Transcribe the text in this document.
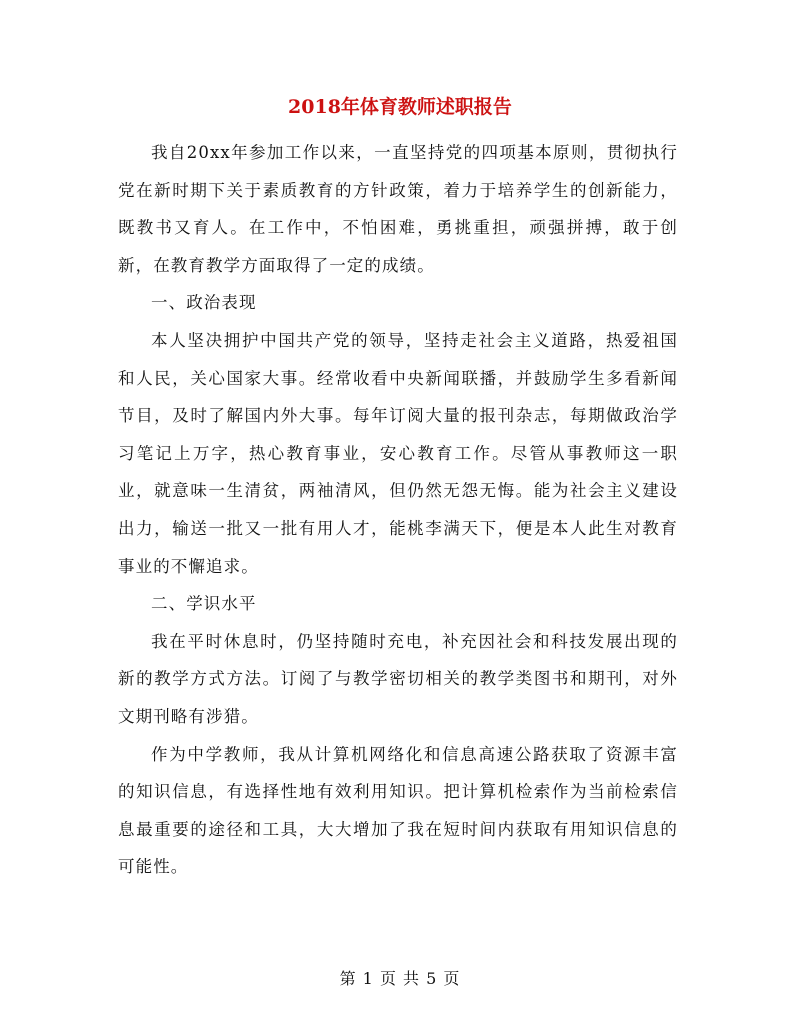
2018年体育教师述职报告

我自20xx年参加工作以来，一直坚持党的四项基本原则，贯彻执行党在新时期下关于素质教育的方针政策，着力于培养学生的创新能力，既教书又育人。在工作中，不怕困难，勇挑重担，顽强拼搏，敢于创新，在教育教学方面取得了一定的成绩。

一、政治表现

本人坚决拥护中国共产党的领导，坚持走社会主义道路，热爱祖国和人民，关心国家大事。经常收看中央新闻联播，并鼓励学生多看新闻节目，及时了解国内外大事。每年订阅大量的报刊杂志，每期做政治学习笔记上万字，热心教育事业，安心教育工作。尽管从事教师这一职业，就意味一生清贫，两袖清风，但仍然无怨无悔。能为社会主义建设出力，输送一批又一批有用人才，能桃李满天下，便是本人此生对教育事业的不懈追求。

二、学识水平

我在平时休息时，仍坚持随时充电，补充因社会和科技发展出现的新的教学方式方法。订阅了与教学密切相关的教学类图书和期刊，对外文期刊略有涉猎。

作为中学教师，我从计算机网络化和信息高速公路获取了资源丰富的知识信息，有选择性地有效利用知识。把计算机检索作为当前检索信息最重要的途径和工具，大大增加了我在短时间内获取有用知识信息的可能性。

第 1 页 共 5 页
